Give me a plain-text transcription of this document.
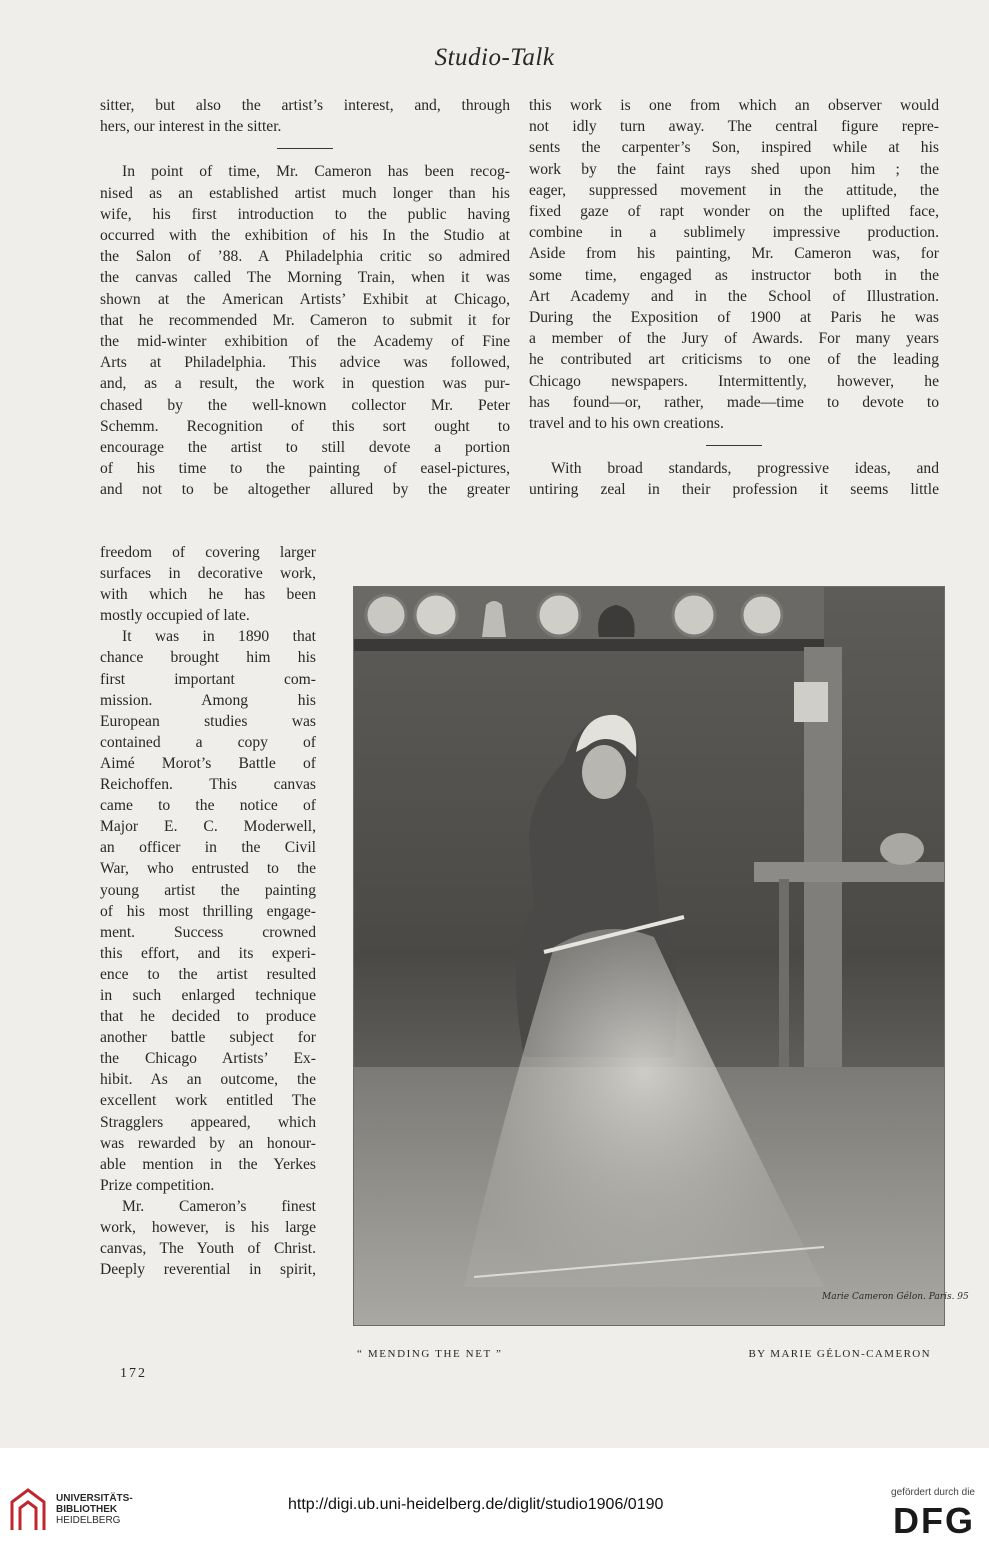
Studio-Talk
sitter, but also the artist’s interest, and, through
hers, our interest in the sitter.
In point of time, Mr. Cameron has been recog-
nised as an established artist much longer than his
wife, his first introduction to the public having
occurred with the exhibition of his In the Studio at
the Salon of ’88. A Philadelphia critic so admired
the canvas called The Morning Train, when it was
shown at the American Artists’ Exhibit at Chicago,
that he recommended Mr. Cameron to submit it for
the mid-winter exhibition of the Academy of Fine
Arts at Philadelphia. This advice was followed,
and, as a result, the work in question was pur-
chased by the well-known collector Mr. Peter
Schemm. Recognition of this sort ought to
encourage the artist to still devote a portion
of his time to the painting of easel-pictures,
and not to be altogether allured by the greater
freedom of covering larger
surfaces in decorative work,
with which he has been
mostly occupied of late.
It was in 1890 that
chance brought him his
first important com-
mission. Among his
European studies was
contained a copy of
Aimé Morot’s Battle of
Reichoffen. This canvas
came to the notice of
Major E. C. Moderwell,
an officer in the Civil
War, who entrusted to the
young artist the painting
of his most thrilling engage-
ment. Success crowned
this effort, and its experi-
ence to the artist resulted
in such enlarged technique
that he decided to produce
another battle subject for
the Chicago Artists’ Ex-
hibit. As an outcome, the
excellent work entitled The
Stragglers appeared, which
was rewarded by an honour-
able mention in the Yerkes
Prize competition.
Mr. Cameron’s finest
work, however, is his large
canvas, The Youth of Christ.
Deeply reverential in spirit,
this work is one from which an observer would
not idly turn away. The central figure repre-
sents the carpenter’s Son, inspired while at his
work by the faint rays shed upon him ; the
eager, suppressed movement in the attitude, the
fixed gaze of rapt wonder on the uplifted face,
combine in a sublimely impressive production.
Aside from his painting, Mr. Cameron was, for
some time, engaged as instructor both in the
Art Academy and in the School of Illustration.
During the Exposition of 1900 at Paris he was
a member of the Jury of Awards. For many years
he contributed art criticisms to one of the leading
Chicago newspapers. Intermittently, however, he
has found—or, rather, made—time to devote to
travel and to his own creations.
With broad standards, progressive ideas, and
untiring zeal in their profession it seems little
Marie Cameron Gélon. Paris. 95
“ MENDING THE NET ”	BY MARIE GÉLON-CAMERON
172
UNIVERSITÄTS-
BIBLIOTHEK
HEIDELBERG
http://digi.ub.uni-heidelberg.de/diglit/studio1906/0190
gefördert durch die
DFG
